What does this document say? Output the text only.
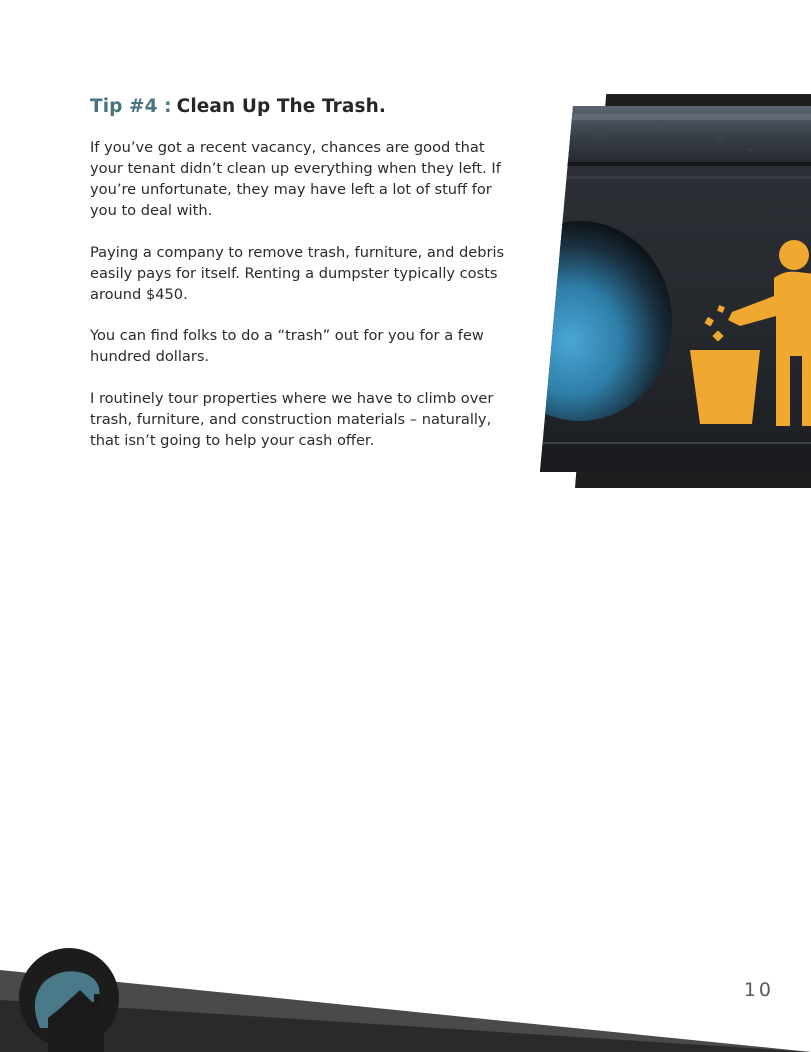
Tip #4 : Clean Up The Trash.

If you’ve got a recent vacancy, chances are good that
your tenant didn’t clean up everything when they left. If
you’re unfortunate, they may have left a lot of stuff for
you to deal with.

Paying a company to remove trash, furniture, and debris
easily pays for itself. Renting a dumpster typically costs
around $450.

You can find folks to do a “trash” out for you for a few
hundred dollars.

I routinely tour properties where we have to climb over
trash, furniture, and construction materials – naturally,
that isn’t going to help your cash offer.

10
